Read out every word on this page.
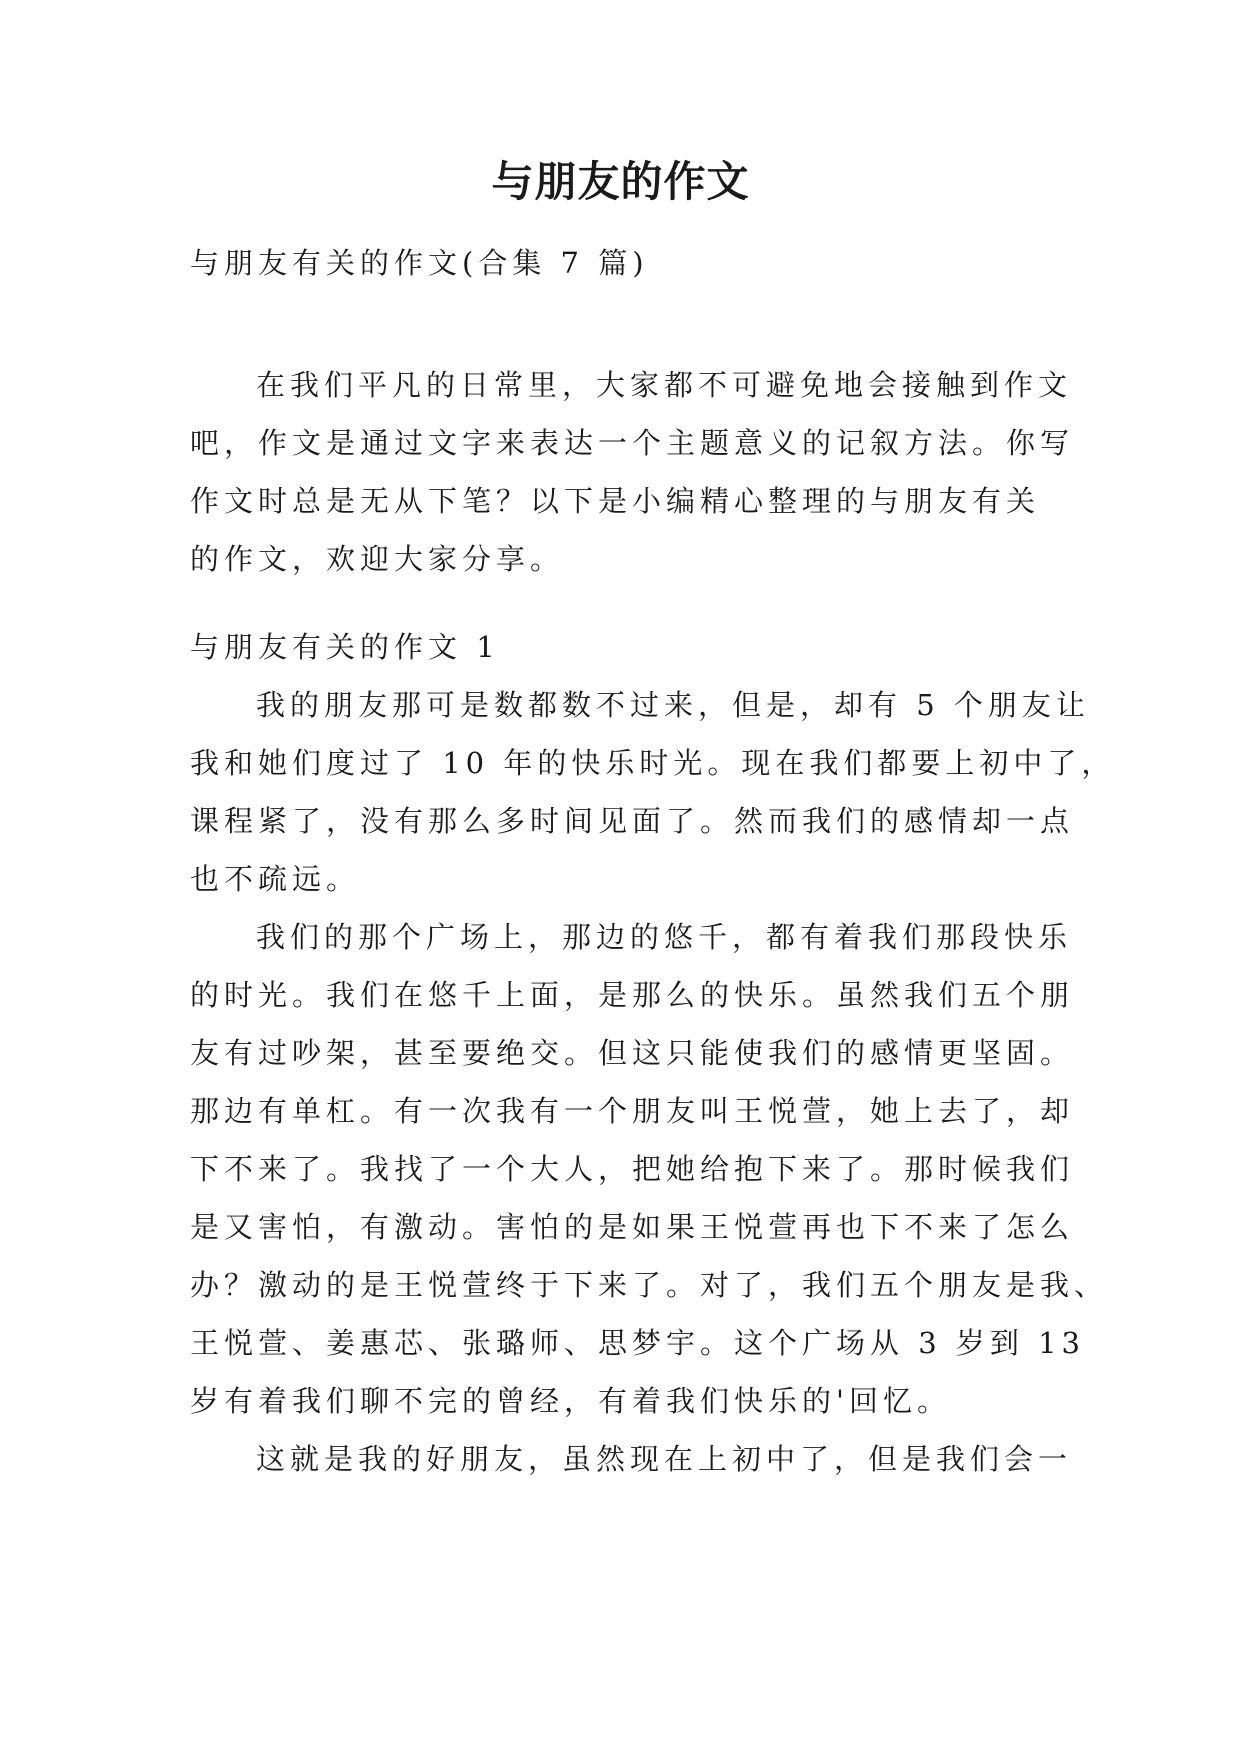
与朋友的作文
与朋友有关的作文(合集 7 篇)
在我们平凡的日常里，大家都不可避免地会接触到作文
吧，作文是通过文字来表达一个主题意义的记叙方法。你写
作文时总是无从下笔？以下是小编精心整理的与朋友有关
的作文，欢迎大家分享。
与朋友有关的作文 1
我的朋友那可是数都数不过来，但是，却有 5 个朋友让
我和她们度过了 10 年的快乐时光。现在我们都要上初中了，
课程紧了，没有那么多时间见面了。然而我们的感情却一点
也不疏远。
我们的那个广场上，那边的悠千，都有着我们那段快乐
的时光。我们在悠千上面，是那么的快乐。虽然我们五个朋
友有过吵架，甚至要绝交。但这只能使我们的感情更坚固。
那边有单杠。有一次我有一个朋友叫王悦萱，她上去了，却
下不来了。我找了一个大人，把她给抱下来了。那时候我们
是又害怕，有激动。害怕的是如果王悦萱再也下不来了怎么
办？激动的是王悦萱终于下来了。对了，我们五个朋友是我、
王悦萱、姜惠芯、张璐师、思梦宇。这个广场从 3 岁到 13
岁有着我们聊不完的曾经，有着我们快乐的'回忆。
这就是我的好朋友，虽然现在上初中了，但是我们会一
